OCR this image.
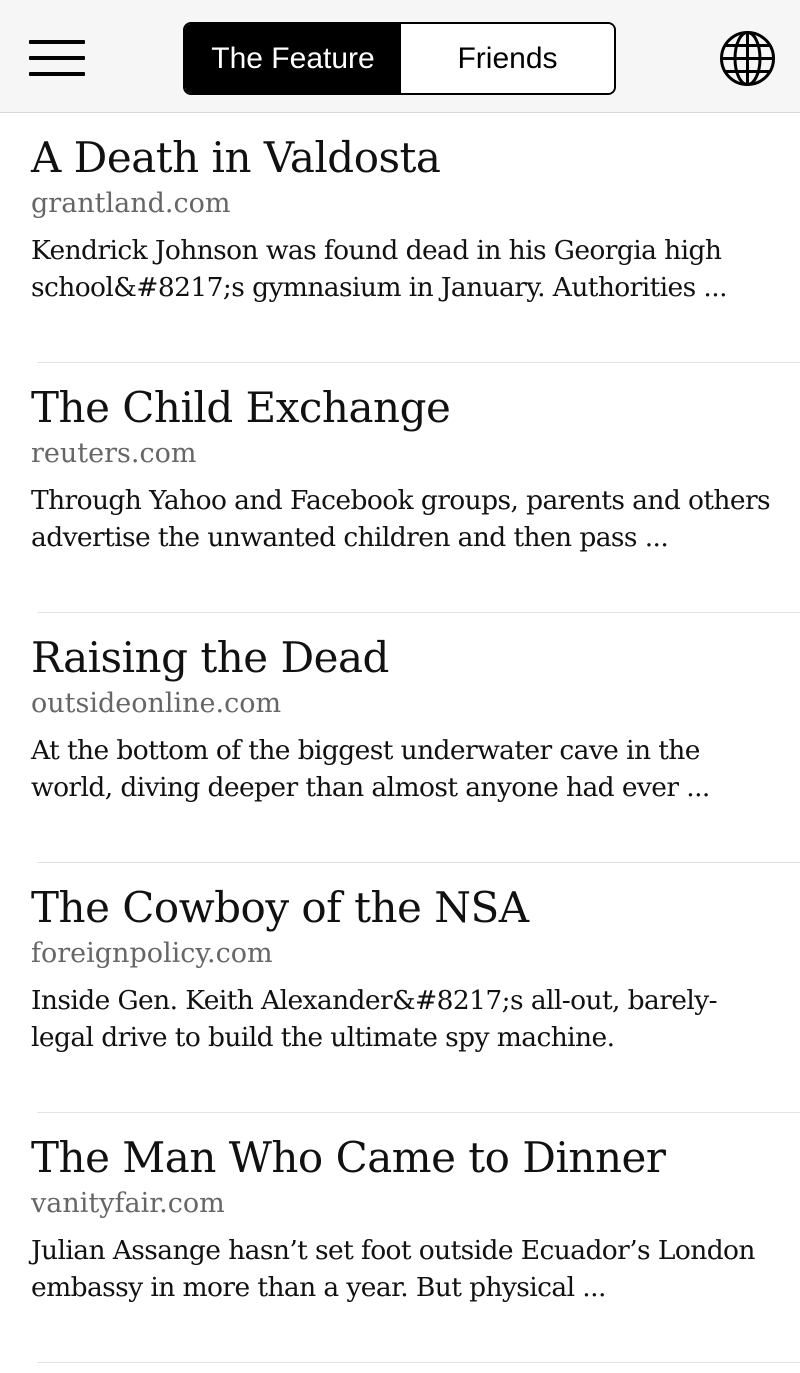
The Feature	Friends
A Death in Valdosta
grantland.com
Kendrick Johnson was found dead in his Georgia high school&#8217;s gymnasium in January. Authorities ...
The Child Exchange
reuters.com
Through Yahoo and Facebook groups, parents and others advertise the unwanted children and then pass ...
Raising the Dead
outsideonline.com
At the bottom of the biggest underwater cave in the world, diving deeper than almost anyone had ever ...
The Cowboy of the NSA
foreignpolicy.com
Inside Gen. Keith Alexander&#8217;s all-out, barely-legal drive to build the ultimate spy machine.
The Man Who Came to Dinner
vanityfair.com
Julian Assange hasn’t set foot outside Ecuador’s London embassy in more than a year. But physical ...
